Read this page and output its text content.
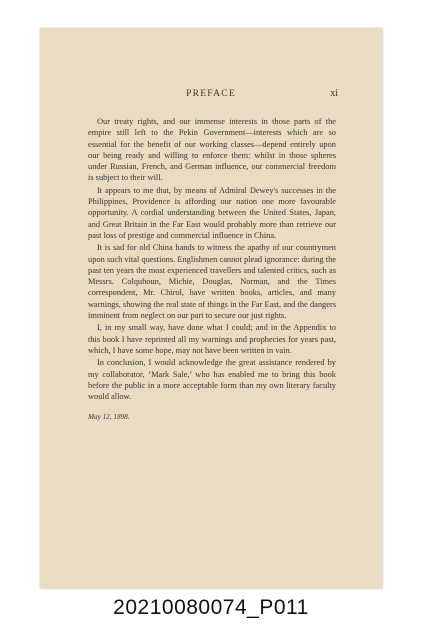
PREFACE	xi

Our treaty rights, and our immense interests in those parts of the empire still left to the Pekin Government—interests which are so essential for the benefit of our working classes—depend entirely upon our being ready and willing to enforce them: whilst in those spheres under Russian, French, and German influence, our commercial freedom is subject to their will.

It appears to me that, by means of Admiral Dewey's successes in the Philippines, Providence is affording our nation one more favourable opportunity. A cordial understanding between the United States, Japan, and Great Britain in the Far East would probably more than retrieve our past loss of prestige and commercial influence in China.

It is sad for old China hands to witness the apathy of our countrymen upon such vital questions. Englishmen cannot plead ignorance: during the past ten years the most experienced travellers and talented critics, such as Messrs. Colquhoun, Michie, Douglas, Norman, and the Times correspondent, Mr. Chirol, have written books, articles, and many warnings, showing the real state of things in the Far East, and the dangers imminent from neglect on our part to secure our just rights.

I, in my small way, have done what I could; and in the Appendix to this book I have reprinted all my warnings and prophecies for years past, which, I have some hope, may not have been written in vain.

In conclusion, I would acknowledge the great assistance rendered by my collaborator, ‘Mark Sale,’ who has enabled me to bring this book before the public in a more acceptable form than my own literary faculty would allow.

May 12, 1898.

20210080074_P011
